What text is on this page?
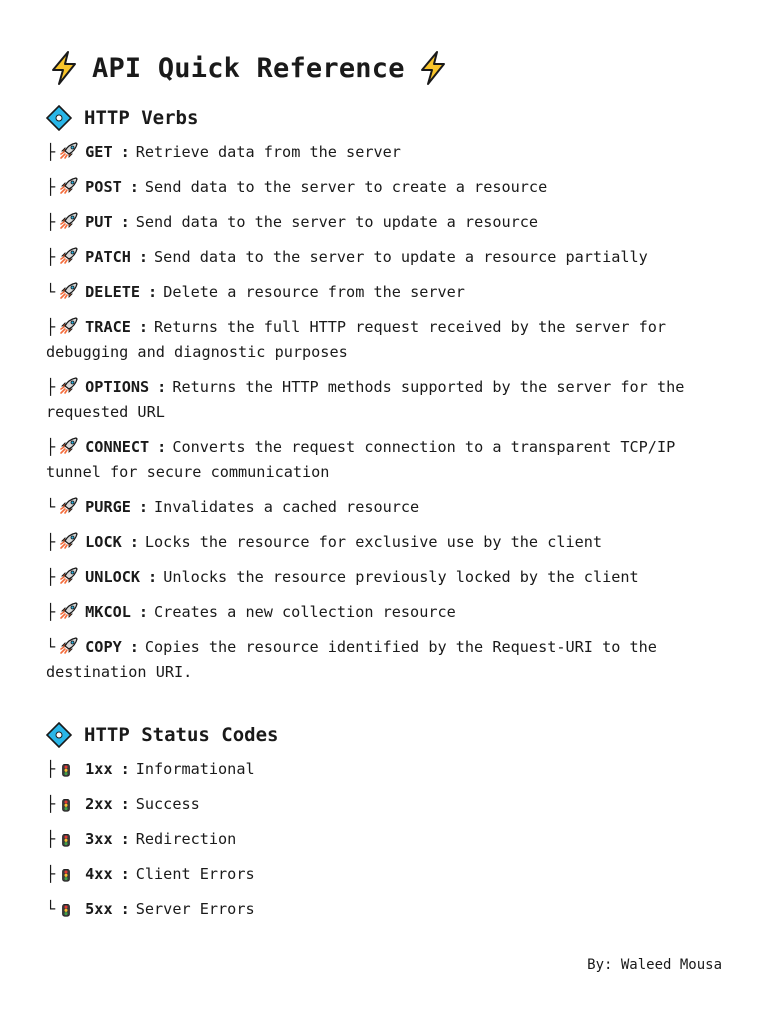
API Quick Reference
HTTP Verbs
├ GET : Retrieve data from the server
├ POST : Send data to the server to create a resource
├ PUT : Send data to the server to update a resource
├ PATCH : Send data to the server to update a resource partially
└ DELETE : Delete a resource from the server
├ TRACE : Returns the full HTTP request received by the server for debugging and diagnostic purposes
├ OPTIONS : Returns the HTTP methods supported by the server for the requested URL
├ CONNECT : Converts the request connection to a transparent TCP/IP tunnel for secure communication
└ PURGE : Invalidates a cached resource
├ LOCK : Locks the resource for exclusive use by the client
├ UNLOCK : Unlocks the resource previously locked by the client
├ MKCOL : Creates a new collection resource
└ COPY : Copies the resource identified by the Request-URI to the destination URI.
HTTP Status Codes
├ 1xx : Informational
├ 2xx : Success
├ 3xx : Redirection
├ 4xx : Client Errors
└ 5xx : Server Errors
By: Waleed Mousa
